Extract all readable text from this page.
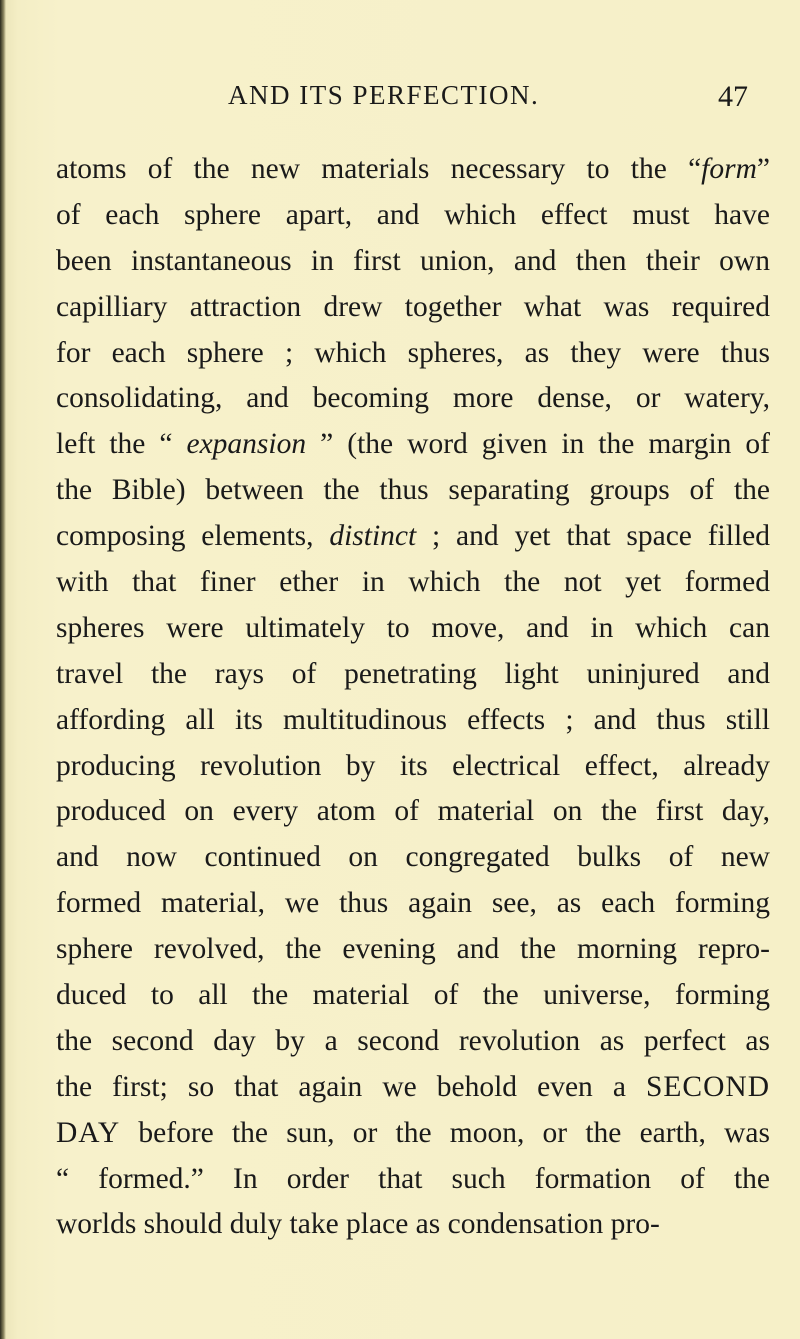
AND ITS PERFECTION.	47
atoms of the new materials necessary to the “form”
of each sphere apart, and which effect must have
been instantaneous in first union, and then their own
capilliary attraction drew together what was required
for each sphere ; which spheres, as they were thus
consolidating, and becoming more dense, or watery,
left the “ expansion ” (the word given in the margin of
the Bible) between the thus separating groups of the
composing elements, distinct ; and yet that space filled
with that finer ether in which the not yet formed
spheres were ultimately to move, and in which can
travel the rays of penetrating light uninjured and
affording all its multitudinous effects ; and thus still
producing revolution by its electrical effect, already
produced on every atom of material on the first day,
and now continued on congregated bulks of new
formed material, we thus again see, as each forming
sphere revolved, the evening and the morning repro-
duced to all the material of the universe, forming
the second day by a second revolution as perfect as
the first; so that again we behold even a SECOND
DAY before the sun, or the moon, or the earth, was
“ formed.” In order that such formation of the
worlds should duly take place as condensation pro-
